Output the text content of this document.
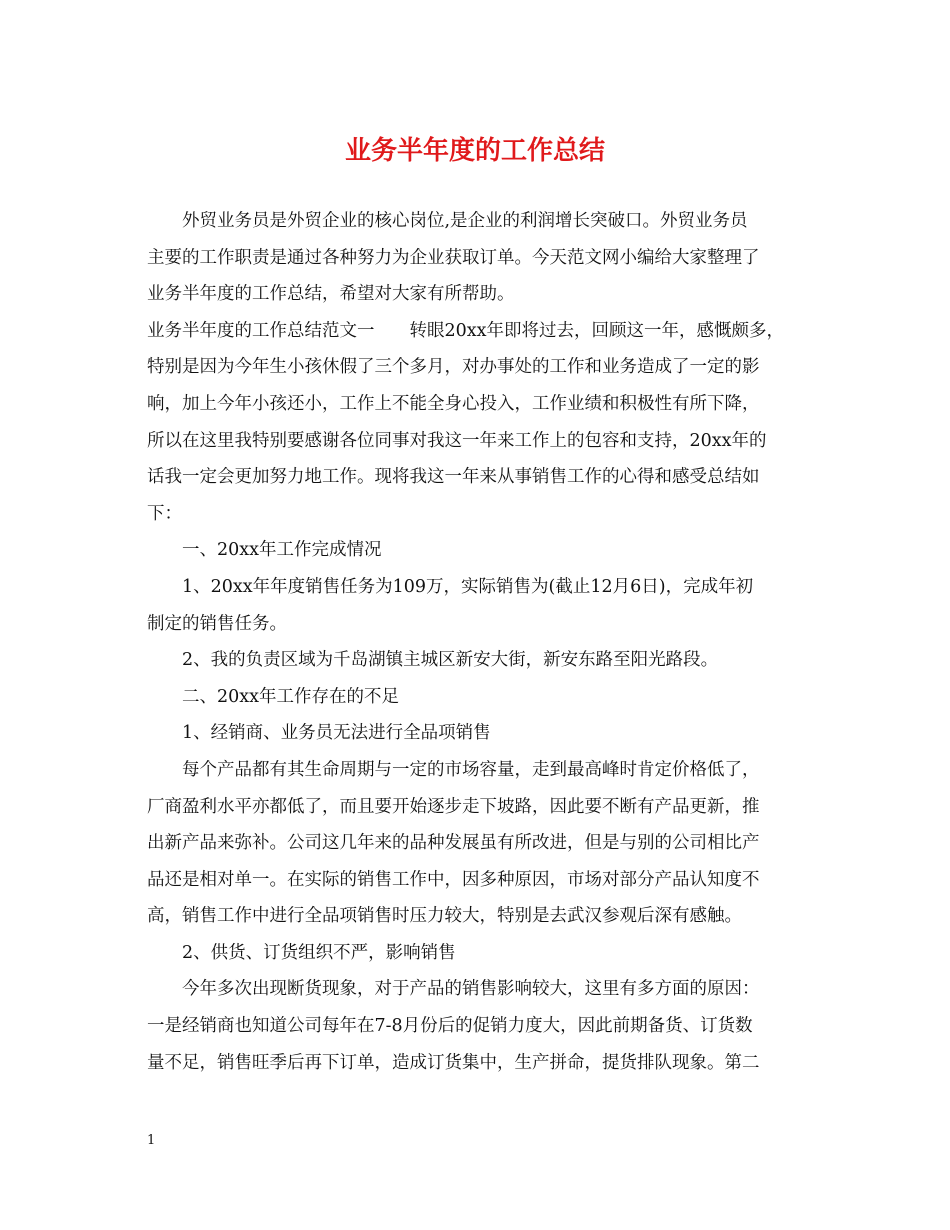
业务半年度的工作总结
　　外贸业务员是外贸企业的核心岗位,是企业的利润增长突破口。外贸业务员
主要的工作职责是通过各种努力为企业获取订单。今天范文网小编给大家整理了
业务半年度的工作总结，希望对大家有所帮助。
业务半年度的工作总结范文一　　转眼20xx年即将过去，回顾这一年，感慨颇多，
特别是因为今年生小孩休假了三个多月，对办事处的工作和业务造成了一定的影
响，加上今年小孩还小，工作上不能全身心投入，工作业绩和积极性有所下降，
所以在这里我特别要感谢各位同事对我这一年来工作上的包容和支持，20xx年的
话我一定会更加努力地工作。现将我这一年来从事销售工作的心得和感受总结如
下：
　　一、20xx年工作完成情况
　　1、20xx年年度销售任务为109万，实际销售为(截止12月6日)，完成年初
制定的销售任务。
　　2、我的负责区域为千岛湖镇主城区新安大街，新安东路至阳光路段。
　　二、20xx年工作存在的不足
　　1、经销商、业务员无法进行全品项销售
　　每个产品都有其生命周期与一定的市场容量，走到最高峰时肯定价格低了，
厂商盈利水平亦都低了，而且要开始逐步走下坡路，因此要不断有产品更新，推
出新产品来弥补。公司这几年来的品种发展虽有所改进，但是与别的公司相比产
品还是相对单一。在实际的销售工作中，因多种原因，市场对部分产品认知度不
高，销售工作中进行全品项销售时压力较大，特别是去武汉参观后深有感触。
　　2、供货、订货组织不严，影响销售
　　今年多次出现断货现象，对于产品的销售影响较大，这里有多方面的原因：
一是经销商也知道公司每年在7-8月份后的促销力度大，因此前期备货、订货数
量不足，销售旺季后再下订单，造成订货集中，生产拼命，提货排队现象。第二
1
